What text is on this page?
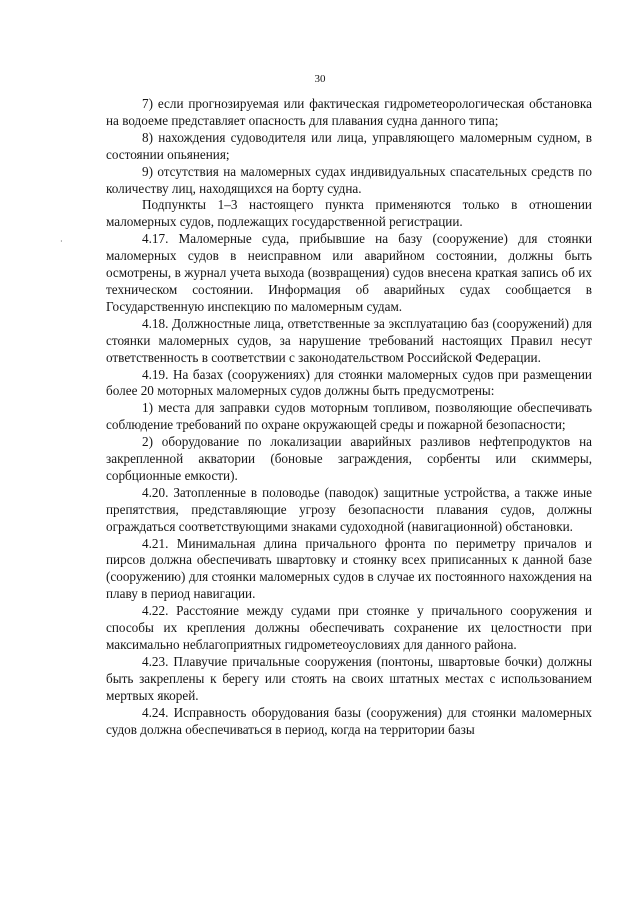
30
·

7) если прогнозируемая или фактическая гидрометеорологическая обстановка на водоеме представляет опасность для плавания судна данного типа;

8) нахождения судоводителя или лица, управляющего маломерным судном, в состоянии опьянения;

9) отсутствия на маломерных судах индивидуальных спасательных средств по количеству лиц, находящихся на борту судна.

Подпункты 1–3 настоящего пункта применяются только в отношении маломерных судов, подлежащих государственной регистрации.

4.17. Маломерные суда, прибывшие на базу (сооружение) для стоянки маломерных судов в неисправном или аварийном состоянии, должны быть осмотрены, в журнал учета выхода (возвращения) судов внесена краткая запись об их техническом состоянии. Информация об аварийных судах сообщается в Государственную инспекцию по маломерным судам.

4.18. Должностные лица, ответственные за эксплуатацию баз (сооружений) для стоянки маломерных судов, за нарушение требований настоящих Правил несут ответственность в соответствии с законодательством Российской Федерации.

4.19. На базах (сооружениях) для стоянки маломерных судов при размещении более 20 моторных маломерных судов должны быть предусмотрены:

1) места для заправки судов моторным топливом, позволяющие обеспечивать соблюдение требований по охране окружающей среды и пожарной безопасности;

2) оборудование по локализации аварийных разливов нефтепродуктов на закрепленной акватории (боновые заграждения, сорбенты или скиммеры, сорбционные емкости).

4.20. Затопленные в половодье (паводок) защитные устройства, а также иные препятствия, представляющие угрозу безопасности плавания судов, должны ограждаться соответствующими знаками судоходной (навигационной) обстановки.

4.21. Минимальная длина причального фронта по периметру причалов и пирсов должна обеспечивать швартовку и стоянку всех приписанных к данной базе (сооружению) для стоянки маломерных судов в случае их постоянного нахождения на плаву в период навигации.

4.22. Расстояние между судами при стоянке у причального сооружения и способы их крепления должны обеспечивать сохранение их целостности при максимально неблагоприятных гидрометеоусловиях для данного района.

4.23. Плавучие причальные сооружения (понтоны, швартовые бочки) должны быть закреплены к берегу или стоять на своих штатных местах с использованием мертвых якорей.

4.24. Исправность оборудования базы (сооружения) для стоянки маломерных судов должна обеспечиваться в период, когда на территории базы
